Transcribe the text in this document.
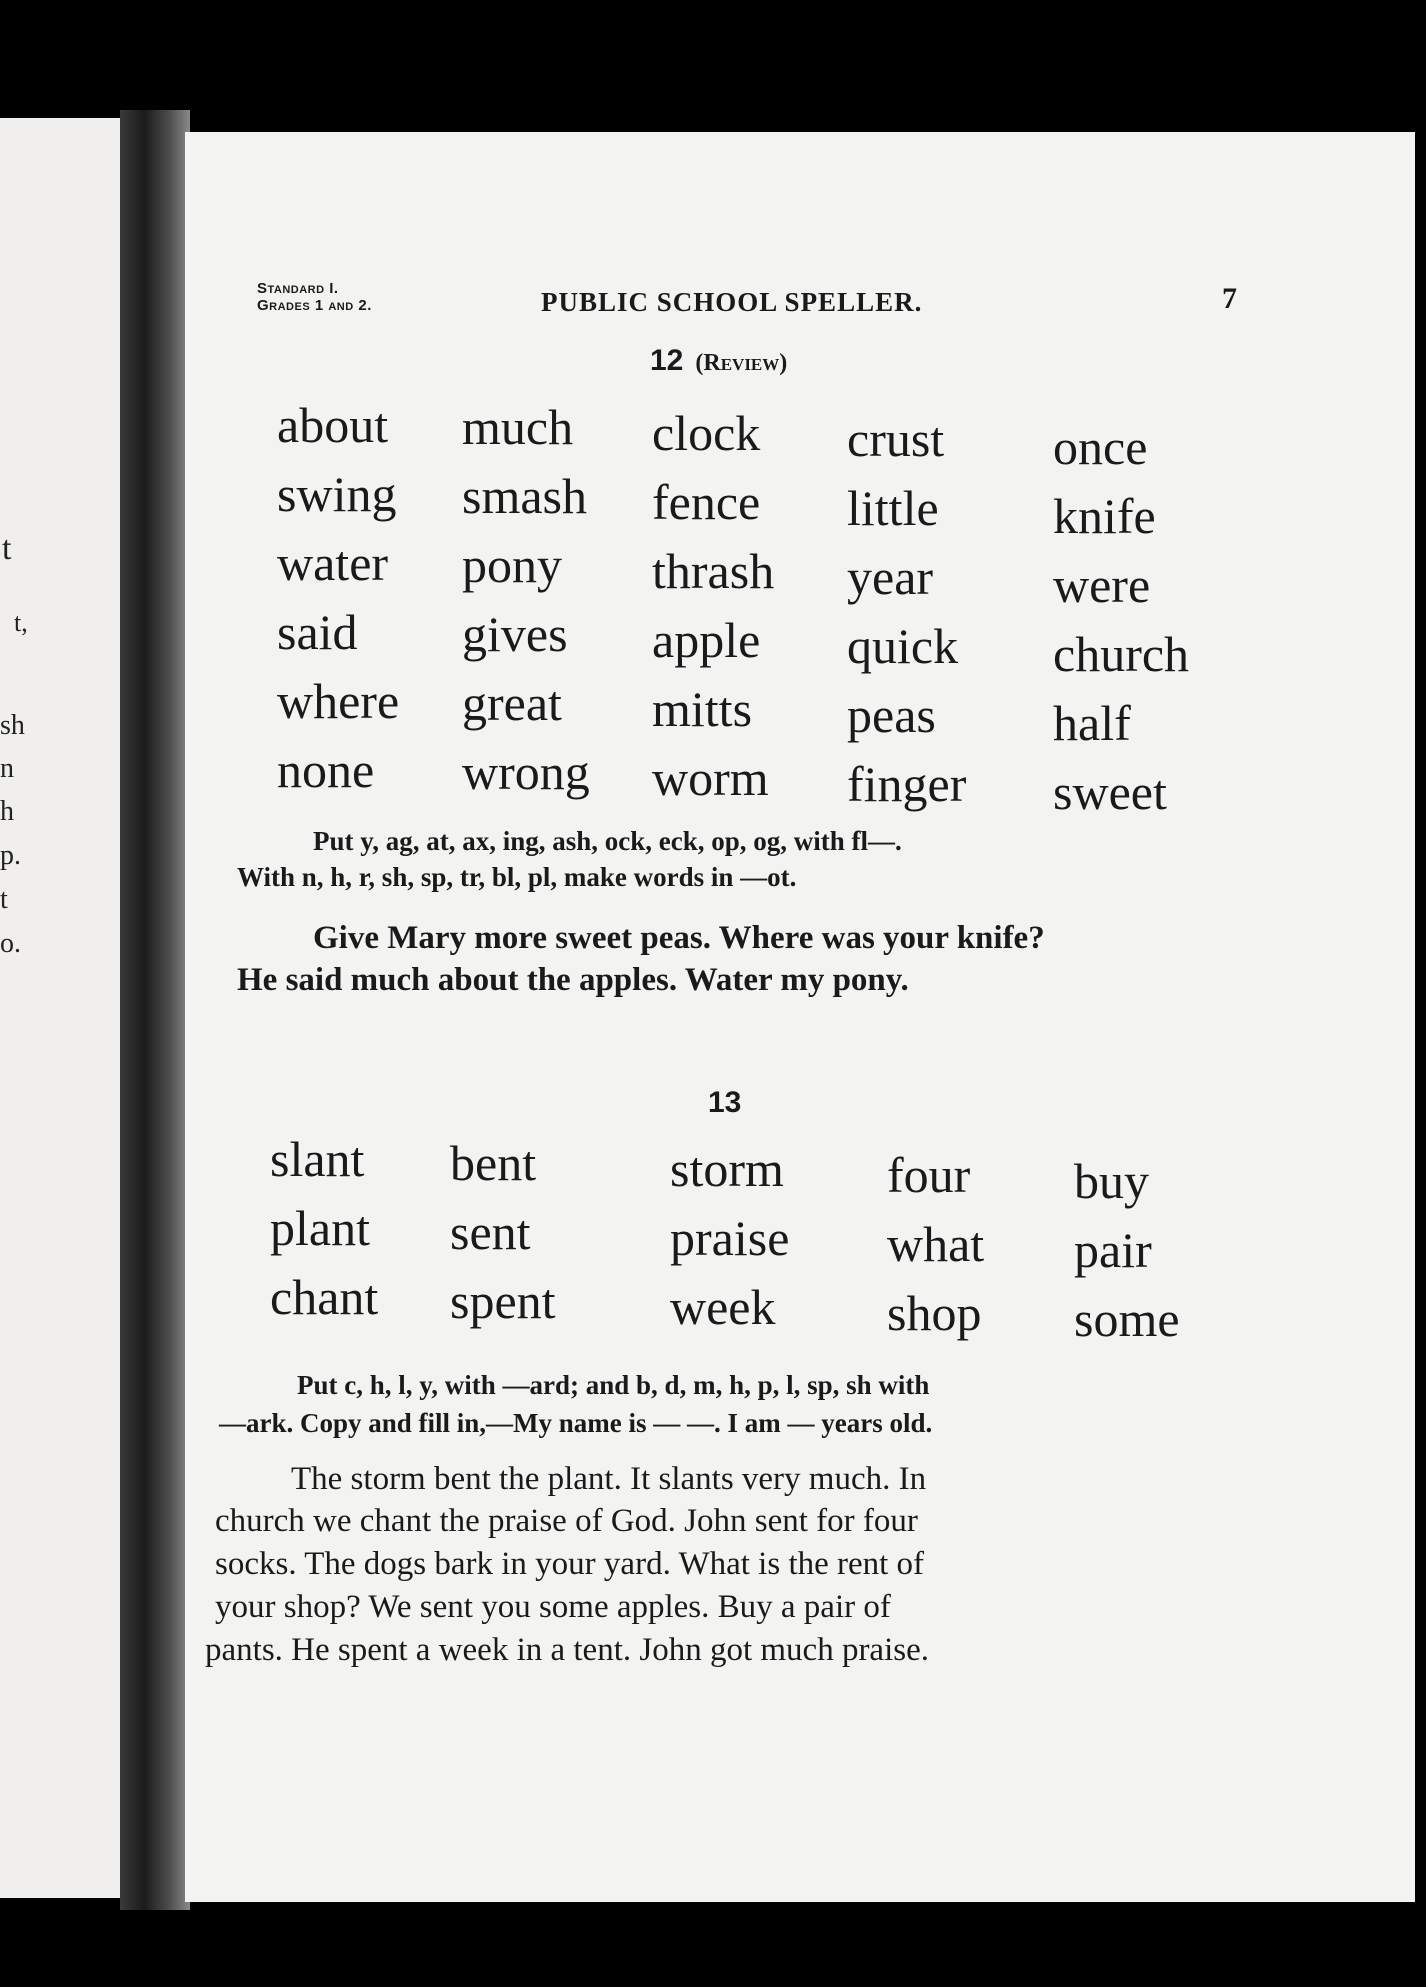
t
t,
sh
n
h
p.
t
o.
Standard I.
Grades 1 and 2.	PUBLIC SCHOOL SPELLER.	7
12 (Review)
about
swing
water
said
where
none
much
smash
pony
gives
great
wrong
clock
fence
thrash
apple
mitts
worm
crust
little
year
quick
peas
finger
once
knife
were
church
half
sweet
Put y, ag, at, ax, ing, ash, ock, eck, op, og, with fl—.
With n, h, r, sh, sp, tr, bl, pl, make words in —ot.
Give Mary more sweet peas. Where was your knife?
He said much about the apples. Water my pony.
13
slant
plant
chant
bent
sent
spent
storm
praise
week
four
what
shop
buy
pair
some
Put c, h, l, y, with —ard; and b, d, m, h, p, l, sp, sh with
—ark. Copy and fill in,—My name is — —. I am — years old.
The storm bent the plant. It slants very much. In
church we chant the praise of God. John sent for four
socks. The dogs bark in your yard. What is the rent of
your shop? We sent you some apples. Buy a pair of
pants. He spent a week in a tent. John got much praise.
